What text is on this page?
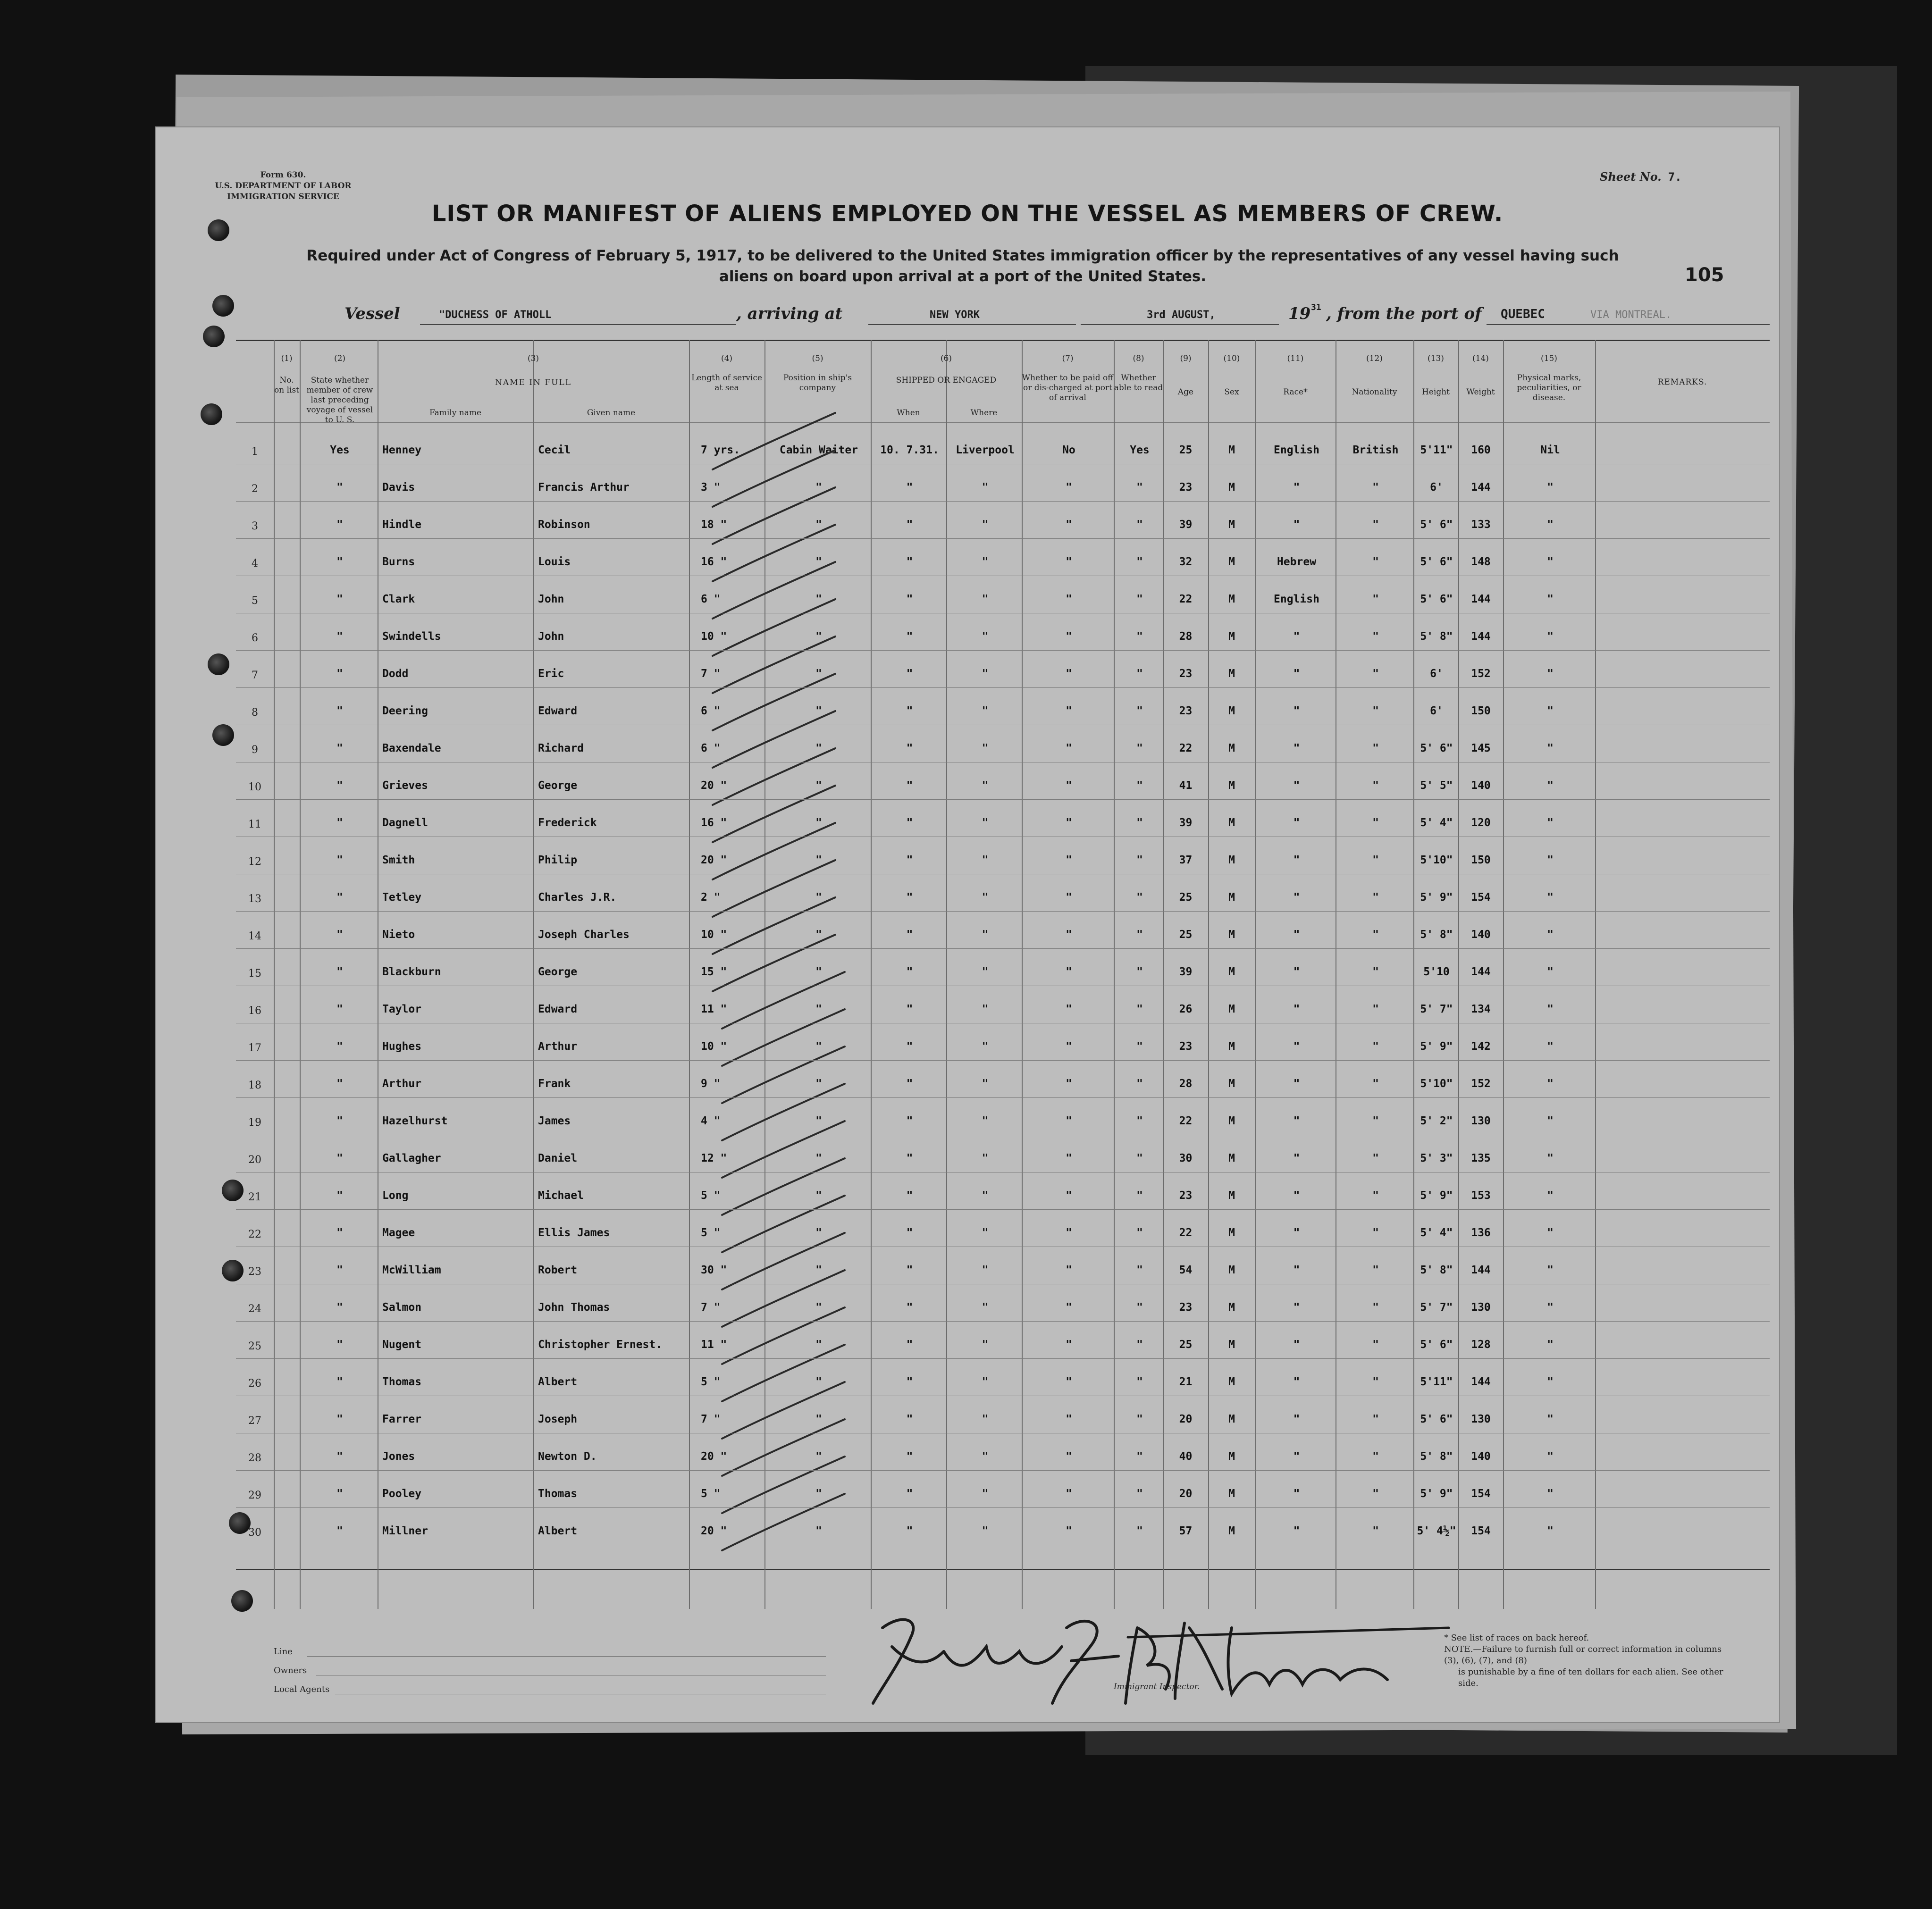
Form 630.
U.S. DEPARTMENT OF LABOR
IMMIGRATION SERVICE
Sheet No. 7.
LIST OR MANIFEST OF ALIENS EMPLOYED ON THE VESSEL AS MEMBERS OF CREW.
Required under Act of Congress of February 5, 1917, to be delivered to the United States immigration officer by the representatives of any vessel having such
aliens on board upon arrival at a port of the United States.	105
Vessel	"DUCHESS OF ATHOLL	, arriving at	NEW YORK	3rd AUGUST,	19 31 , from the port of QUEBEC	VIA MONTREAL.
(1)
No. on list
(2)
State whether member of crew last preceding voyage of vessel to U. S.
(3)
NAME IN FULL
Family name	Given name
(4)
Length of service at sea
(5)
Position in ship's company
(6)
SHIPPED OR ENGAGED
When	Where
(7)
Whether to be paid off or dis-charged at port of arrival
(8)
Whether able to read
(9)
Age
(10)
Sex
(11)
Race*
(12)
Nationality
(13)
Height
(14)
Weight
(15)
Physical marks, peculiarities, or disease.
REMARKS.
1	Yes	Henney	Cecil	7 yrs.	Cabin Waiter	10. 7.31.	Liverpool	No	Yes	25	M	English	British	5'11"	160	Nil
2	"	Davis	Francis Arthur	3 "	"	"	"	"	"	23	M	"	"	6'	144	"
3	"	Hindle	Robinson	18 "	"	"	"	"	"	39	M	"	"	5' 6"	133	"
4	"	Burns	Louis	16 "	"	"	"	"	"	32	M	Hebrew	"	5' 6"	148	"
5	"	Clark	John	6 "	"	"	"	"	"	22	M	English	"	5' 6"	144	"
6	"	Swindells	John	10 "	"	"	"	"	"	28	M	"	"	5' 8"	144	"
7	"	Dodd	Eric	7 "	"	"	"	"	"	23	M	"	"	6'	152	"
8	"	Deering	Edward	6 "	"	"	"	"	"	23	M	"	"	6'	150	"
9	"	Baxendale	Richard	6 "	"	"	"	"	"	22	M	"	"	5' 6"	145	"
10	"	Grieves	George	20 "	"	"	"	"	"	41	M	"	"	5' 5"	140	"
11	"	Dagnell	Frederick	16 "	"	"	"	"	"	39	M	"	"	5' 4"	120	"
12	"	Smith	Philip	20 "	"	"	"	"	"	37	M	"	"	5'10"	150	"
13	"	Tetley	Charles J.R.	2 "	"	"	"	"	"	25	M	"	"	5' 9"	154	"
14	"	Nieto	Joseph Charles	10 "	"	"	"	"	"	25	M	"	"	5' 8"	140	"
15	"	Blackburn	George	15 "	"	"	"	"	"	39	M	"	"	5'10	144	"
16	"	Taylor	Edward	11 "	"	"	"	"	"	26	M	"	"	5' 7"	134	"
17	"	Hughes	Arthur	10 "	"	"	"	"	"	23	M	"	"	5' 9"	142	"
18	"	Arthur	Frank	9 "	"	"	"	"	"	28	M	"	"	5'10"	152	"
19	"	Hazelhurst	James	4 "	"	"	"	"	"	22	M	"	"	5' 2"	130	"
20	"	Gallagher	Daniel	12 "	"	"	"	"	"	30	M	"	"	5' 3"	135	"
21	"	Long	Michael	5 "	"	"	"	"	"	23	M	"	"	5' 9"	153	"
22	"	Magee	Ellis James	5 "	"	"	"	"	"	22	M	"	"	5' 4"	136	"
23	"	McWilliam	Robert	30 "	"	"	"	"	"	54	M	"	"	5' 8"	144	"
24	"	Salmon	John Thomas	7 "	"	"	"	"	"	23	M	"	"	5' 7"	130	"
25	"	Nugent	Christopher Ernest.	11 "	"	"	"	"	"	25	M	"	"	5' 6"	128	"
26	"	Thomas	Albert	5 "	"	"	"	"	"	21	M	"	"	5'11"	144	"
27	"	Farrer	Joseph	7 "	"	"	"	"	"	20	M	"	"	5' 6"	130	"
28	"	Jones	Newton D.	20 "	"	"	"	"	"	40	M	"	"	5' 8"	140	"
29	"	Pooley	Thomas	5 "	"	"	"	"	"	20	M	"	"	5' 9"	154	"
30	"	Millner	Albert	20 "	"	"	"	"	"	57	M	"	"	5' 4½"	154	"
Line
Owners
Local Agents	Immigrant Inspector.
* See list of races on back hereof.
NOTE.—Failure to furnish full or correct information in columns (3), (6), (7), and (8)
is punishable by a fine of ten dollars for each alien. See other side.
